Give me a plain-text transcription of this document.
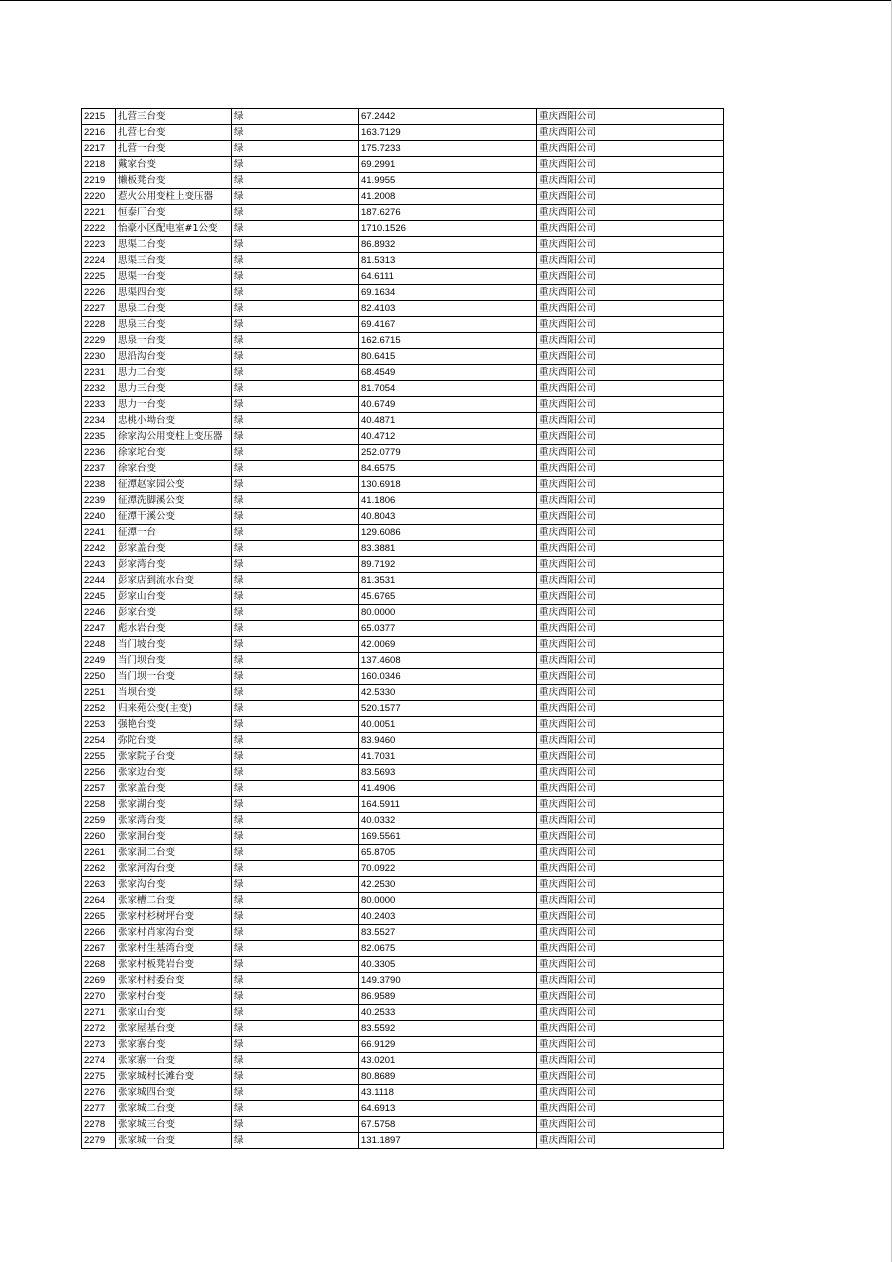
2215	扎营三台变	绿	67.2442	重庆酉阳公司
2216	扎营七台变	绿	163.7129	重庆酉阳公司
2217	扎营一台变	绿	175.7233	重庆酉阳公司
2218	戴家台变	绿	69.2991	重庆酉阳公司
2219	懒板凳台变	绿	41.9955	重庆酉阳公司
2220	惹火公用变柱上变压器	绿	41.2008	重庆酉阳公司
2221	恒泰厂台变	绿	187.6276	重庆酉阳公司
2222	怡豪小区配电室#1公变	绿	1710.1526	重庆酉阳公司
2223	思渠二台变	绿	86.8932	重庆酉阳公司
2224	思渠三台变	绿	81.5313	重庆酉阳公司
2225	思渠一台变	绿	64.6111	重庆酉阳公司
2226	思渠四台变	绿	69.1634	重庆酉阳公司
2227	思泉二台变	绿	82.4103	重庆酉阳公司
2228	思泉三台变	绿	69.4167	重庆酉阳公司
2229	思泉一台变	绿	162.6715	重庆酉阳公司
2230	思沿沟台变	绿	80.6415	重庆酉阳公司
2231	思力二台变	绿	68.4549	重庆酉阳公司
2232	思力三台变	绿	81.7054	重庆酉阳公司
2233	思力一台变	绿	40.6749	重庆酉阳公司
2234	忠桃小坳台变	绿	40.4871	重庆酉阳公司
2235	徐家沟公用变柱上变压器	绿	40.4712	重庆酉阳公司
2236	徐家坨台变	绿	252.0779	重庆酉阳公司
2237	徐家台变	绿	84.6575	重庆酉阳公司
2238	征潭赵家园公变	绿	130.6918	重庆酉阳公司
2239	征潭洗脚溪公变	绿	41.1806	重庆酉阳公司
2240	征潭干溪公变	绿	40.8043	重庆酉阳公司
2241	征潭一台	绿	129.6086	重庆酉阳公司
2242	彭家盖台变	绿	83.3881	重庆酉阳公司
2243	彭家湾台变	绿	89.7192	重庆酉阳公司
2244	彭家店到流水台变	绿	81.3531	重庆酉阳公司
2245	彭家山台变	绿	45.6765	重庆酉阳公司
2246	彭家台变	绿	80.0000	重庆酉阳公司
2247	彪水岩台变	绿	65.0377	重庆酉阳公司
2248	当门坡台变	绿	42.0069	重庆酉阳公司
2249	当门坝台变	绿	137.4608	重庆酉阳公司
2250	当门坝一台变	绿	160.0346	重庆酉阳公司
2251	当坝台变	绿	42.5330	重庆酉阳公司
2252	归来苑公变(主变)	绿	520.1577	重庆酉阳公司
2253	强艳台变	绿	40.0051	重庆酉阳公司
2254	弥陀台变	绿	83.9460	重庆酉阳公司
2255	张家院子台变	绿	41.7031	重庆酉阳公司
2256	张家边台变	绿	83.5693	重庆酉阳公司
2257	张家盖台变	绿	41.4906	重庆酉阳公司
2258	张家湖台变	绿	164.5911	重庆酉阳公司
2259	张家湾台变	绿	40.0332	重庆酉阳公司
2260	张家洞台变	绿	169.5561	重庆酉阳公司
2261	张家洞二台变	绿	65.8705	重庆酉阳公司
2262	张家河沟台变	绿	70.0922	重庆酉阳公司
2263	张家沟台变	绿	42.2530	重庆酉阳公司
2264	张家槽二台变	绿	80.0000	重庆酉阳公司
2265	张家村杉树坪台变	绿	40.2403	重庆酉阳公司
2266	张家村肖家沟台变	绿	83.5527	重庆酉阳公司
2267	张家村生基湾台变	绿	82.0675	重庆酉阳公司
2268	张家村板凳岩台变	绿	40.3305	重庆酉阳公司
2269	张家村村委台变	绿	149.3790	重庆酉阳公司
2270	张家村台变	绿	86.9589	重庆酉阳公司
2271	张家山台变	绿	40.2533	重庆酉阳公司
2272	张家屋基台变	绿	83.5592	重庆酉阳公司
2273	张家寨台变	绿	66.9129	重庆酉阳公司
2274	张家寨一台变	绿	43.0201	重庆酉阳公司
2275	张家城村长滩台变	绿	80.8689	重庆酉阳公司
2276	张家城四台变	绿	43.1118	重庆酉阳公司
2277	张家城二台变	绿	64.6913	重庆酉阳公司
2278	张家城三台变	绿	67.5758	重庆酉阳公司
2279	张家城一台变	绿	131.1897	重庆酉阳公司
